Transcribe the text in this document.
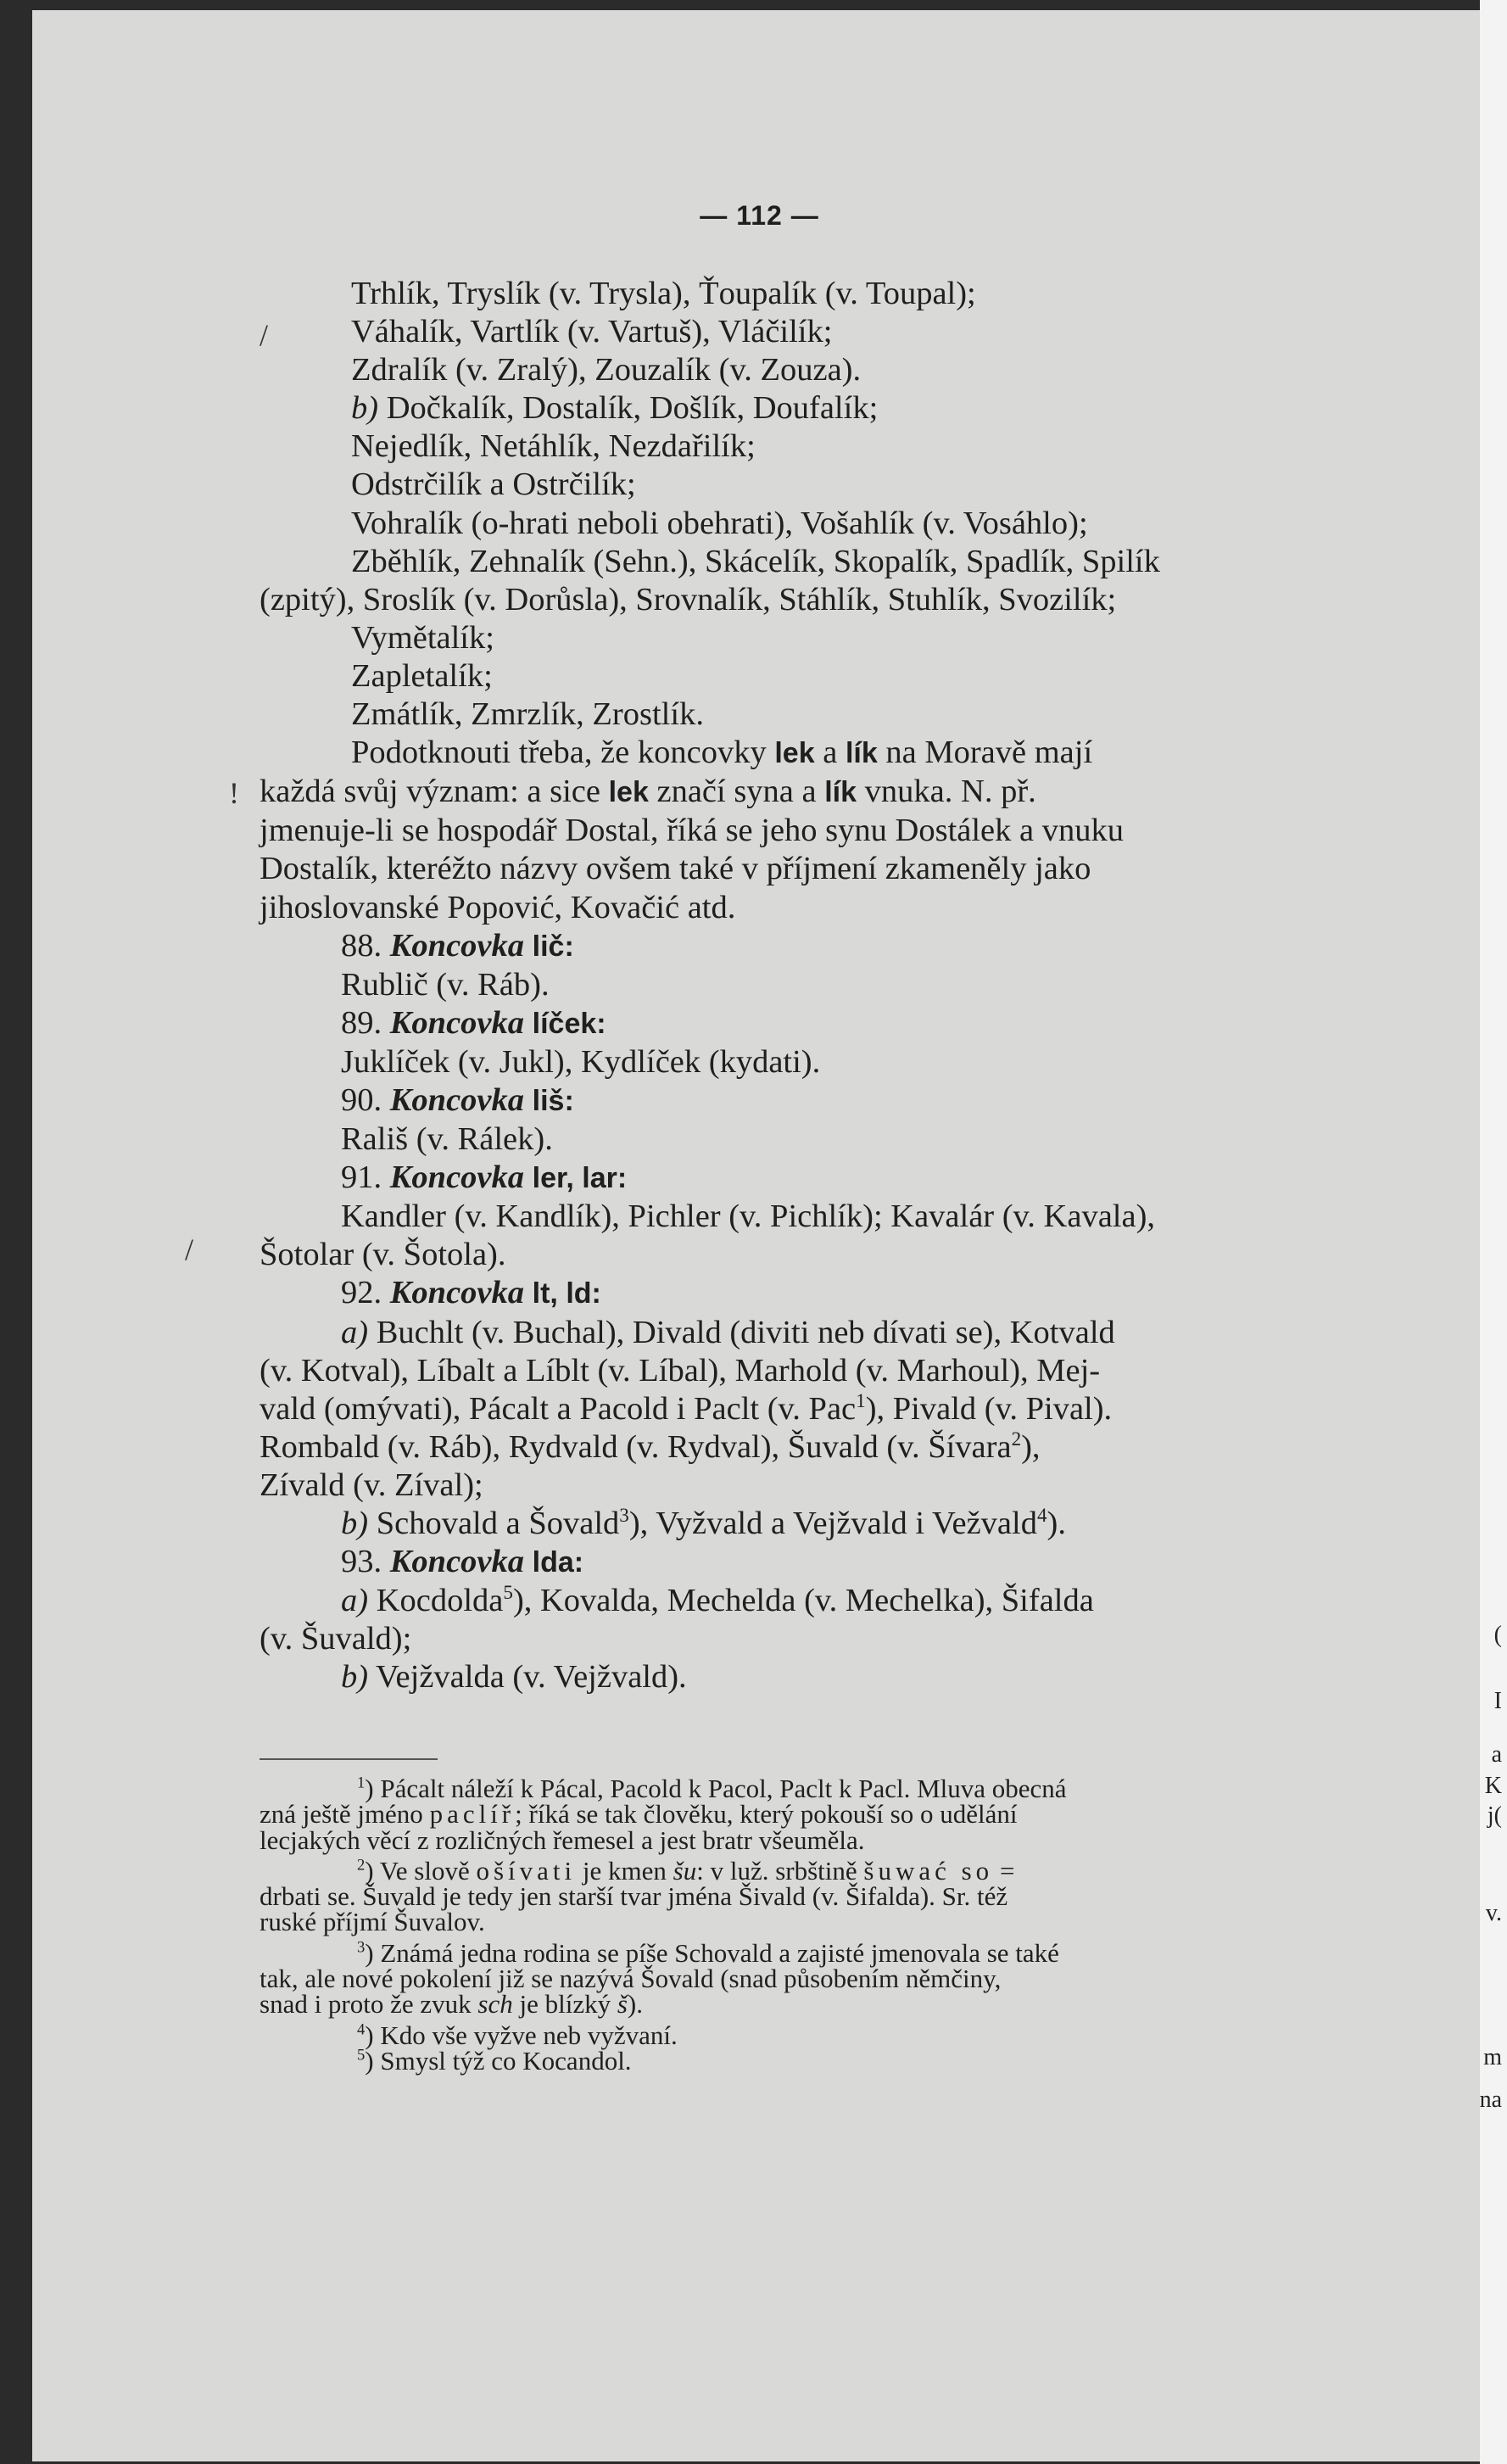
— 112 —
/
!
/
Trhlík, Tryslík (v. Trysla), Ťoupalík (v. Toupal);
Váhalík, Vartlík (v. Vartuš), Vláčilík;
Zdralík (v. Zralý), Zouzalík (v. Zouza).
b) Dočkalík, Dostalík, Došlík, Doufalík;
Nejedlík, Netáhlík, Nezdařilík;
Odstrčilík a Ostrčilík;
Vohralík (o-hrati neboli obehrati), Vošahlík (v. Vosáhlo);
Zběhlík, Zehnalík (Sehn.), Skácelík, Skopalík, Spadlík, Spilík
(zpitý), Sroslík (v. Dorůsla), Srovnalík, Stáhlík, Stuhlík, Svozilík;
Vymětalík;
Zapletalík;
Zmátlík, Zmrzlík, Zrostlík.
Podotknouti třeba, že koncovky lek a lík na Moravě mají
každá svůj význam: a sice lek značí syna a lík vnuka. N. př.
jmenuje-li se hospodář Dostal, říká se jeho synu Dostálek a vnuku
Dostalík, kteréžto názvy ovšem také v příjmení zkameněly jako
jihoslovanské Popović, Kovačić atd.
88. Koncovka lič:
Rublič (v. Ráb).
89. Koncovka líček:
Juklíček (v. Jukl), Kydlíček (kydati).
90. Koncovka liš:
Rališ (v. Rálek).
91. Koncovka ler, lar:
Kandler (v. Kandlík), Pichler (v. Pichlík); Kavalár (v. Kavala),
Šotolar (v. Šotola).
92. Koncovka lt, ld:
a) Buchlt (v. Buchal), Divald (diviti neb dívati se), Kotvald
(v. Kotval), Líbalt a Líblt (v. Líbal), Marhold (v. Marhoul), Mej-
vald (omývati), Pácalt a Pacold i Paclt (v. Pac$^1$), Pivald (v. Pival).
Rombald (v. Ráb), Rydvald (v. Rydval), Šuvald (v. Šívara$^2$),
Zívald (v. Zíval);
b) Schovald a Šovald$^3$), Vyžvald a Vejžvald i Vežvald$^4$).
93. Koncovka lda:
a) Kocdolda$^5$), Kovalda, Mechelda (v. Mechelka), Šifalda
(v. Šuvald);
b) Vejžvalda (v. Vejžvald).
$^1$) Pácalt náleží k Pácal, Pacold k Pacol, Paclt k Pacl. Mluva obecná
zná ještě jméno paclíř; říká se tak člověku, který pokouší so o udělání
lecjakých věcí z rozličných řemesel a jest bratr všeuměla.
$^2$) Ve slově ošívati je kmen šu: v luž. srbštině šuwać so =
drbati se. Šuvald je tedy jen starší tvar jména Šivald (v. Šifalda). Sr. též
ruské příjmí Šuvalov.
$^3$) Známá jedna rodina se píše Schovald a zajisté jmenovala se také
tak, ale nové pokolení již se nazývá Šovald (snad působením němčiny,
snad i proto že zvuk sch je blízký š).
$^4$) Kdo vše vyžve neb vyžvaní.
$^5$) Smysl týž co Kocandol.
(
I
a
K
j(
v.
m
na
